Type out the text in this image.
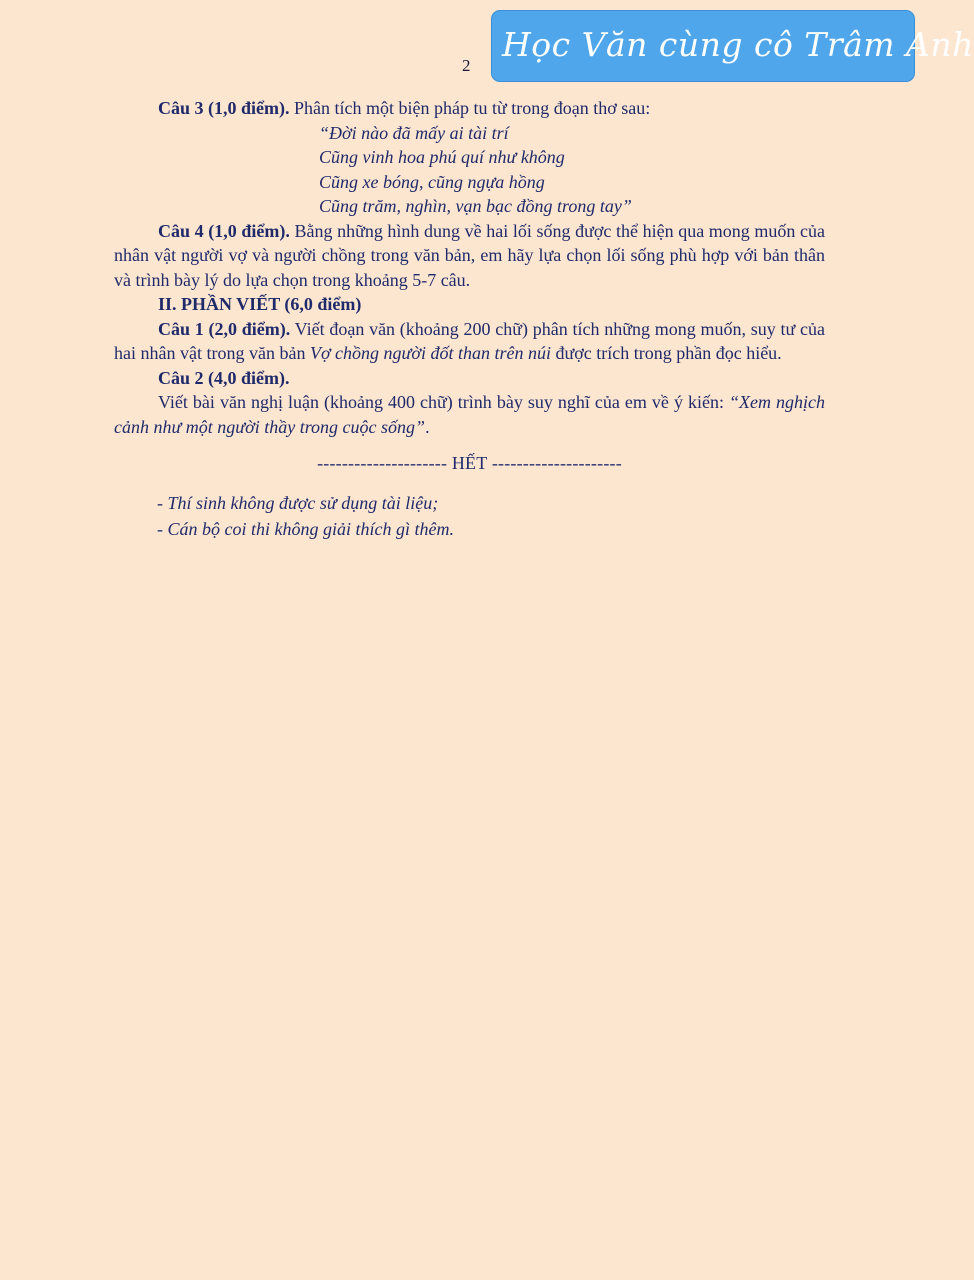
2
Học Văn cùng cô Trâm Anh

Câu 3 (1,0 điểm). Phân tích một biện pháp tu từ trong đoạn thơ sau:

“Đời nào đã mấy ai tài trí
Cũng vinh hoa phú quí như không
Cũng xe bóng, cũng ngựa hồng
Cũng trăm, nghìn, vạn bạc đồng trong tay”

Câu 4 (1,0 điểm). Bằng những hình dung về hai lối sống được thể hiện qua mong muốn của nhân vật người vợ và người chồng trong văn bản, em hãy lựa chọn lối sống phù hợp với bản thân và trình bày lý do lựa chọn trong khoảng 5-7 câu.

II. PHẦN VIẾT (6,0 điểm)

Câu 1 (2,0 điểm). Viết đoạn văn (khoảng 200 chữ) phân tích những mong muốn, suy tư của hai nhân vật trong văn bản Vợ chồng người đốt than trên núi được trích trong phần đọc hiểu.

Câu 2 (4,0 điểm).

Viết bài văn nghị luận (khoảng 400 chữ) trình bày suy nghĩ của em về ý kiến: “Xem nghịch cảnh như một người thầy trong cuộc sống”.

--------------------- HẾT ---------------------
- Thí sinh không được sử dụng tài liệu;
- Cán bộ coi thi không giải thích gì thêm.
